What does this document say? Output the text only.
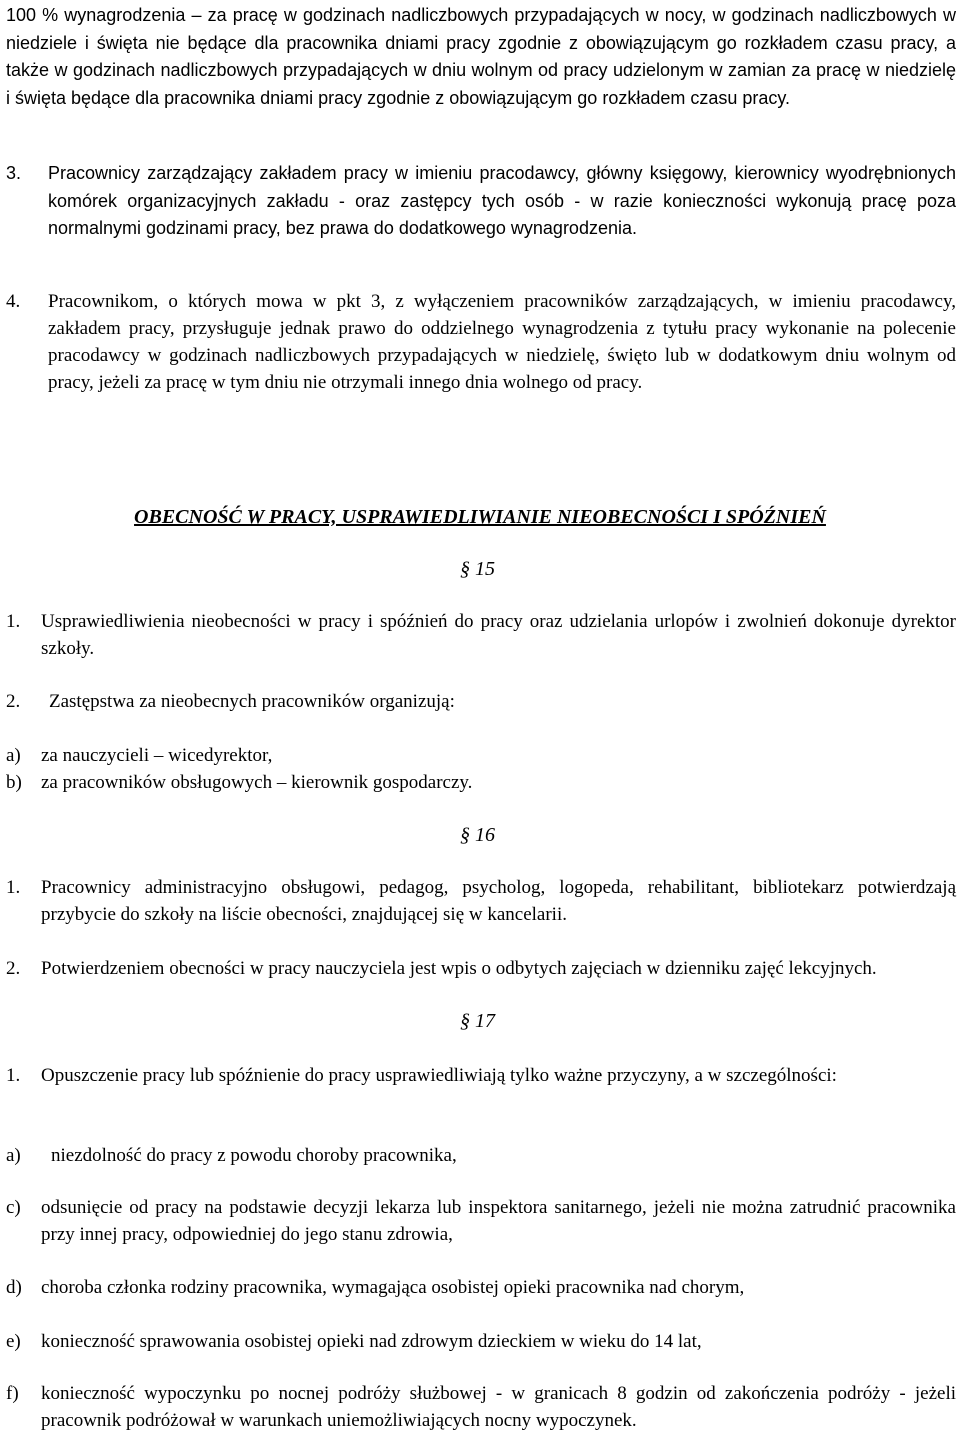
100 % wynagrodzenia – za pracę w godzinach nadliczbowych przypadających w nocy, w godzinach nadliczbowych w niedziele i święta nie będące dla pracownika dniami pracy zgodnie z obowiązującym go rozkładem czasu pracy, a także w godzinach nadliczbowych przypadających w dniu wolnym od pracy udzielonym w zamian za pracę w niedzielę i święta będące dla pracownika dniami pracy zgodnie z obowiązującym go rozkładem czasu pracy.

3.	Pracownicy zarządzający zakładem pracy w imieniu pracodawcy, główny księgowy, kierownicy wyodrębnionych komórek organizacyjnych zakładu - oraz zastępcy tych osób - w razie konieczności wykonują pracę poza normalnymi godzinami pracy, bez prawa do dodatkowego wynagrodzenia.
4.	Pracownikom, o których mowa w pkt 3, z wyłączeniem pracowników zarządzających, w imieniu pracodawcy, zakładem pracy, przysługuje jednak prawo do oddzielnego wynagrodzenia z tytułu pracy wykonanie na polecenie pracodawcy w godzinach nadliczbowych przypadających w niedzielę, święto lub w dodatkowym dniu wolnym od pracy, jeżeli za pracę w tym dniu nie otrzymali innego dnia wolnego od pracy.
OBECNOŚĆ W PRACY, USPRAWIEDLIWIANIE NIEOBECNOŚCI I SPÓŹNIEŃ
§ 15
1.	Usprawiedliwienia nieobecności w pracy i spóźnień do pracy oraz udzielania urlopów i zwolnień dokonuje dyrektor szkoły.
2.	Zastępstwa za nieobecnych pracowników organizują:
a)	za nauczycieli – wicedyrektor,
b)	za pracowników obsługowych – kierownik gospodarczy.
§ 16
1.	Pracownicy administracyjno obsługowi, pedagog, psycholog, logopeda, rehabilitant, bibliotekarz potwierdzają przybycie do szkoły na liście obecności, znajdującej się w kancelarii.
2.	Potwierdzeniem obecności w pracy nauczyciela jest wpis o odbytych zajęciach w dzienniku zajęć lekcyjnych.
§ 17
1.	Opuszczenie pracy lub spóźnienie do pracy usprawiedliwiają tylko ważne przyczyny, a w szczególności:
a)	niezdolność do pracy z powodu choroby pracownika,
c)	odsunięcie od pracy na podstawie decyzji lekarza lub inspektora sanitarnego, jeżeli nie można zatrudnić pracownika przy innej pracy, odpowiedniej do jego stanu zdrowia,
d)	choroba członka rodziny pracownika, wymagająca osobistej opieki pracownika nad chorym,
e)	konieczność sprawowania osobistej opieki nad zdrowym dzieckiem w wieku do 14 lat,
f)	konieczność wypoczynku po nocnej podróży służbowej - w granicach 8 godzin od zakończenia podróży - jeżeli pracownik podróżował w warunkach uniemożliwiających nocny wypoczynek.
